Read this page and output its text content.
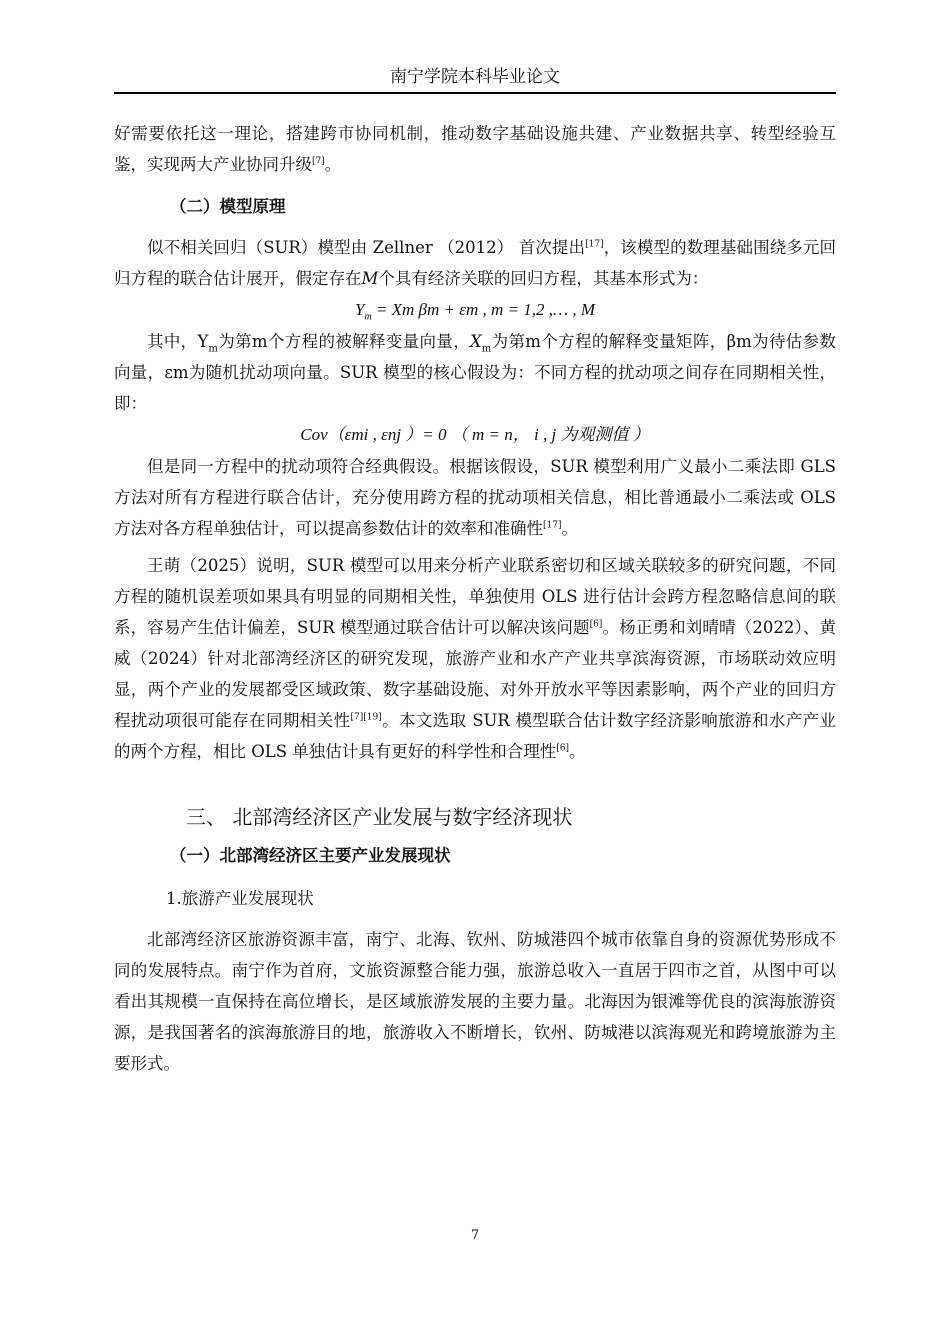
南宁学院本科毕业论文

好需要依托这一理论，搭建跨市协同机制，推动数字基础设施共建、产业数据共享、转型经验互鉴，实现两大产业协同升级[7]。

（二）模型原理

似不相关回归（SUR）模型由 Zellner （2012） 首次提出[17]，该模型的数理基础围绕多元回归方程的联合估计展开，假定存在M个具有经济关联的回归方程，其基本形式为：

$Y_m = Xm$ βm + εm , m = 1,2 ,… , M

其中，$Y_m$为第m个方程的被解释变量向量，$X_m$为第m个方程的解释变量矩阵，βm为待估参数向量，εm为随机扰动项向量。SUR 模型的核心假设为：不同方程的扰动项之间存在同期相关性，即：

Cov（εmi , εnj ）= 0 （ m = n， i , j 为观测值 ）

但是同一方程中的扰动项符合经典假设。根据该假设，SUR 模型利用广义最小二乘法即 GLS 方法对所有方程进行联合估计，充分使用跨方程的扰动项相关信息，相比普通最小二乘法或 OLS 方法对各方程单独估计，可以提高参数估计的效率和准确性[17]。

王萌（2025）说明，SUR 模型可以用来分析产业联系密切和区域关联较多的研究问题，不同方程的随机误差项如果具有明显的同期相关性，单独使用 OLS 进行估计会跨方程忽略信息间的联系，容易产生估计偏差，SUR 模型通过联合估计可以解决该问题[6]。杨正勇和刘晴晴（2022）、黄威（2024）针对北部湾经济区的研究发现，旅游产业和水产产业共享滨海资源，市场联动效应明显，两个产业的发展都受区域政策、数字基础设施、对外开放水平等因素影响，两个产业的回归方程扰动项很可能存在同期相关性[7][19]。本文选取 SUR 模型联合估计数字经济影响旅游和水产产业的两个方程，相比 OLS 单独估计具有更好的科学性和合理性[6]。

三、 北部湾经济区产业发展与数字经济现状
（一）北部湾经济区主要产业发展现状
1.旅游产业发展现状

北部湾经济区旅游资源丰富，南宁、北海、钦州、防城港四个城市依靠自身的资源优势形成不同的发展特点。南宁作为首府，文旅资源整合能力强，旅游总收入一直居于四市之首，从图中可以看出其规模一直保持在高位增长，是区域旅游发展的主要力量。北海因为银滩等优良的滨海旅游资源，是我国著名的滨海旅游目的地，旅游收入不断增长，钦州、防城港以滨海观光和跨境旅游为主要形式。

7
